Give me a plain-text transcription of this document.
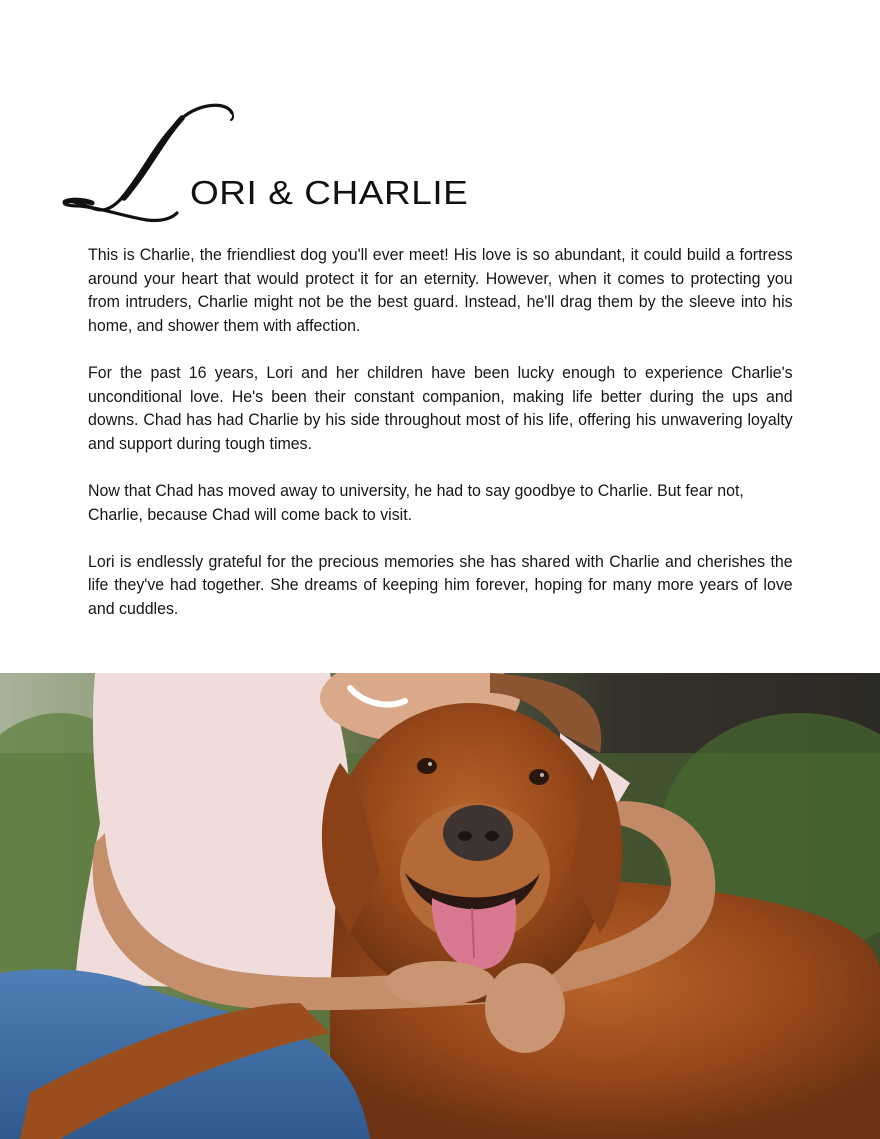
ORI & CHARLIE

This is Charlie, the friendliest dog you'll ever meet! His love is so abundant, it could build a fortress around your heart that would protect it for an eternity. However, when it comes to protecting you from intruders, Charlie might not be the best guard. Instead, he'll drag them by the sleeve into his home, and shower them with affection.

For the past 16 years, Lori and her children have been lucky enough to experience Charlie's unconditional love. He's been their constant companion, making life better during the ups and downs. Chad has had Charlie by his side throughout most of his life, offering his unwavering loyalty and support during tough times.

Now that Chad has moved away to university, he had to say goodbye to Charlie. But fear not, Charlie, because Chad will come back to visit.

Lori is endlessly grateful for the precious memories she has shared with Charlie and cherishes the life they've had together. She dreams of keeping him forever, hoping for many more years of love and cuddles.
